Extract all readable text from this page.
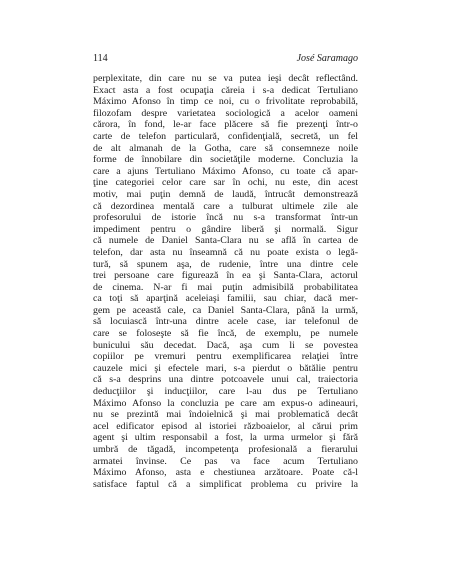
114	José Saramago
perplexitate, din care nu se va putea ieşi decât reflectând.
Exact asta a fost ocupaţia căreia i s-a dedicat Tertuliano
Máximo Afonso în timp ce noi, cu o frivolitate reprobabilă,
filozofam despre varietatea sociologică a acelor oameni
cărora, în fond, le-ar face plăcere să fie prezenţi într-o
carte de telefon particulară, confidenţială, secretă, un fel
de alt almanah de la Gotha, care să consemneze noile
forme de înnobilare din societăţile moderne. Concluzia la
care a ajuns Tertuliano Máximo Afonso, cu toate că apar-
ţine categoriei celor care sar în ochi, nu este, din acest
motiv, mai puţin demnă de laudă, întrucât demonstrează
că dezordinea mentală care a tulburat ultimele zile ale
profesorului de istorie încă nu s-a transformat într-un
impediment pentru o gândire liberă şi normală. Sigur
că numele de Daniel Santa-Clara nu se află în cartea de
telefon, dar asta nu înseamnă că nu poate exista o legă-
tură, să spunem aşa, de rudenie, între una dintre cele
trei persoane care figurează în ea şi Santa-Clara, actorul
de cinema. N-ar fi mai puţin admisibilă probabilitatea
ca toţi să aparţină aceleiaşi familii, sau chiar, dacă mer-
gem pe această cale, ca Daniel Santa-Clara, până la urmă,
să locuiască într-una dintre acele case, iar telefonul de
care se foloseşte să fie încă, de exemplu, pe numele
bunicului său decedat. Dacă, aşa cum li se povestea
copiilor pe vremuri pentru exemplificarea relaţiei între
cauzele mici şi efectele mari, s-a pierdut o bătălie pentru
că s-a desprins una dintre potcoavele unui cal, traiectoria
deducţiilor şi inducţiilor, care l-au dus pe Tertuliano
Máximo Afonso la concluzia pe care am expus-o adineauri,
nu se prezintă mai îndoielnică şi mai problematică decât
acel edificator episod al istoriei războaielor, al cărui prim
agent şi ultim responsabil a fost, la urma urmelor şi fără
umbră de tăgadă, incompetenţa profesională a fierarului
armatei învinse. Ce pas va face acum Tertuliano
Máximo Afonso, asta e chestiunea arzătoare. Poate că-l
satisface faptul că a simplificat problema cu privire la
